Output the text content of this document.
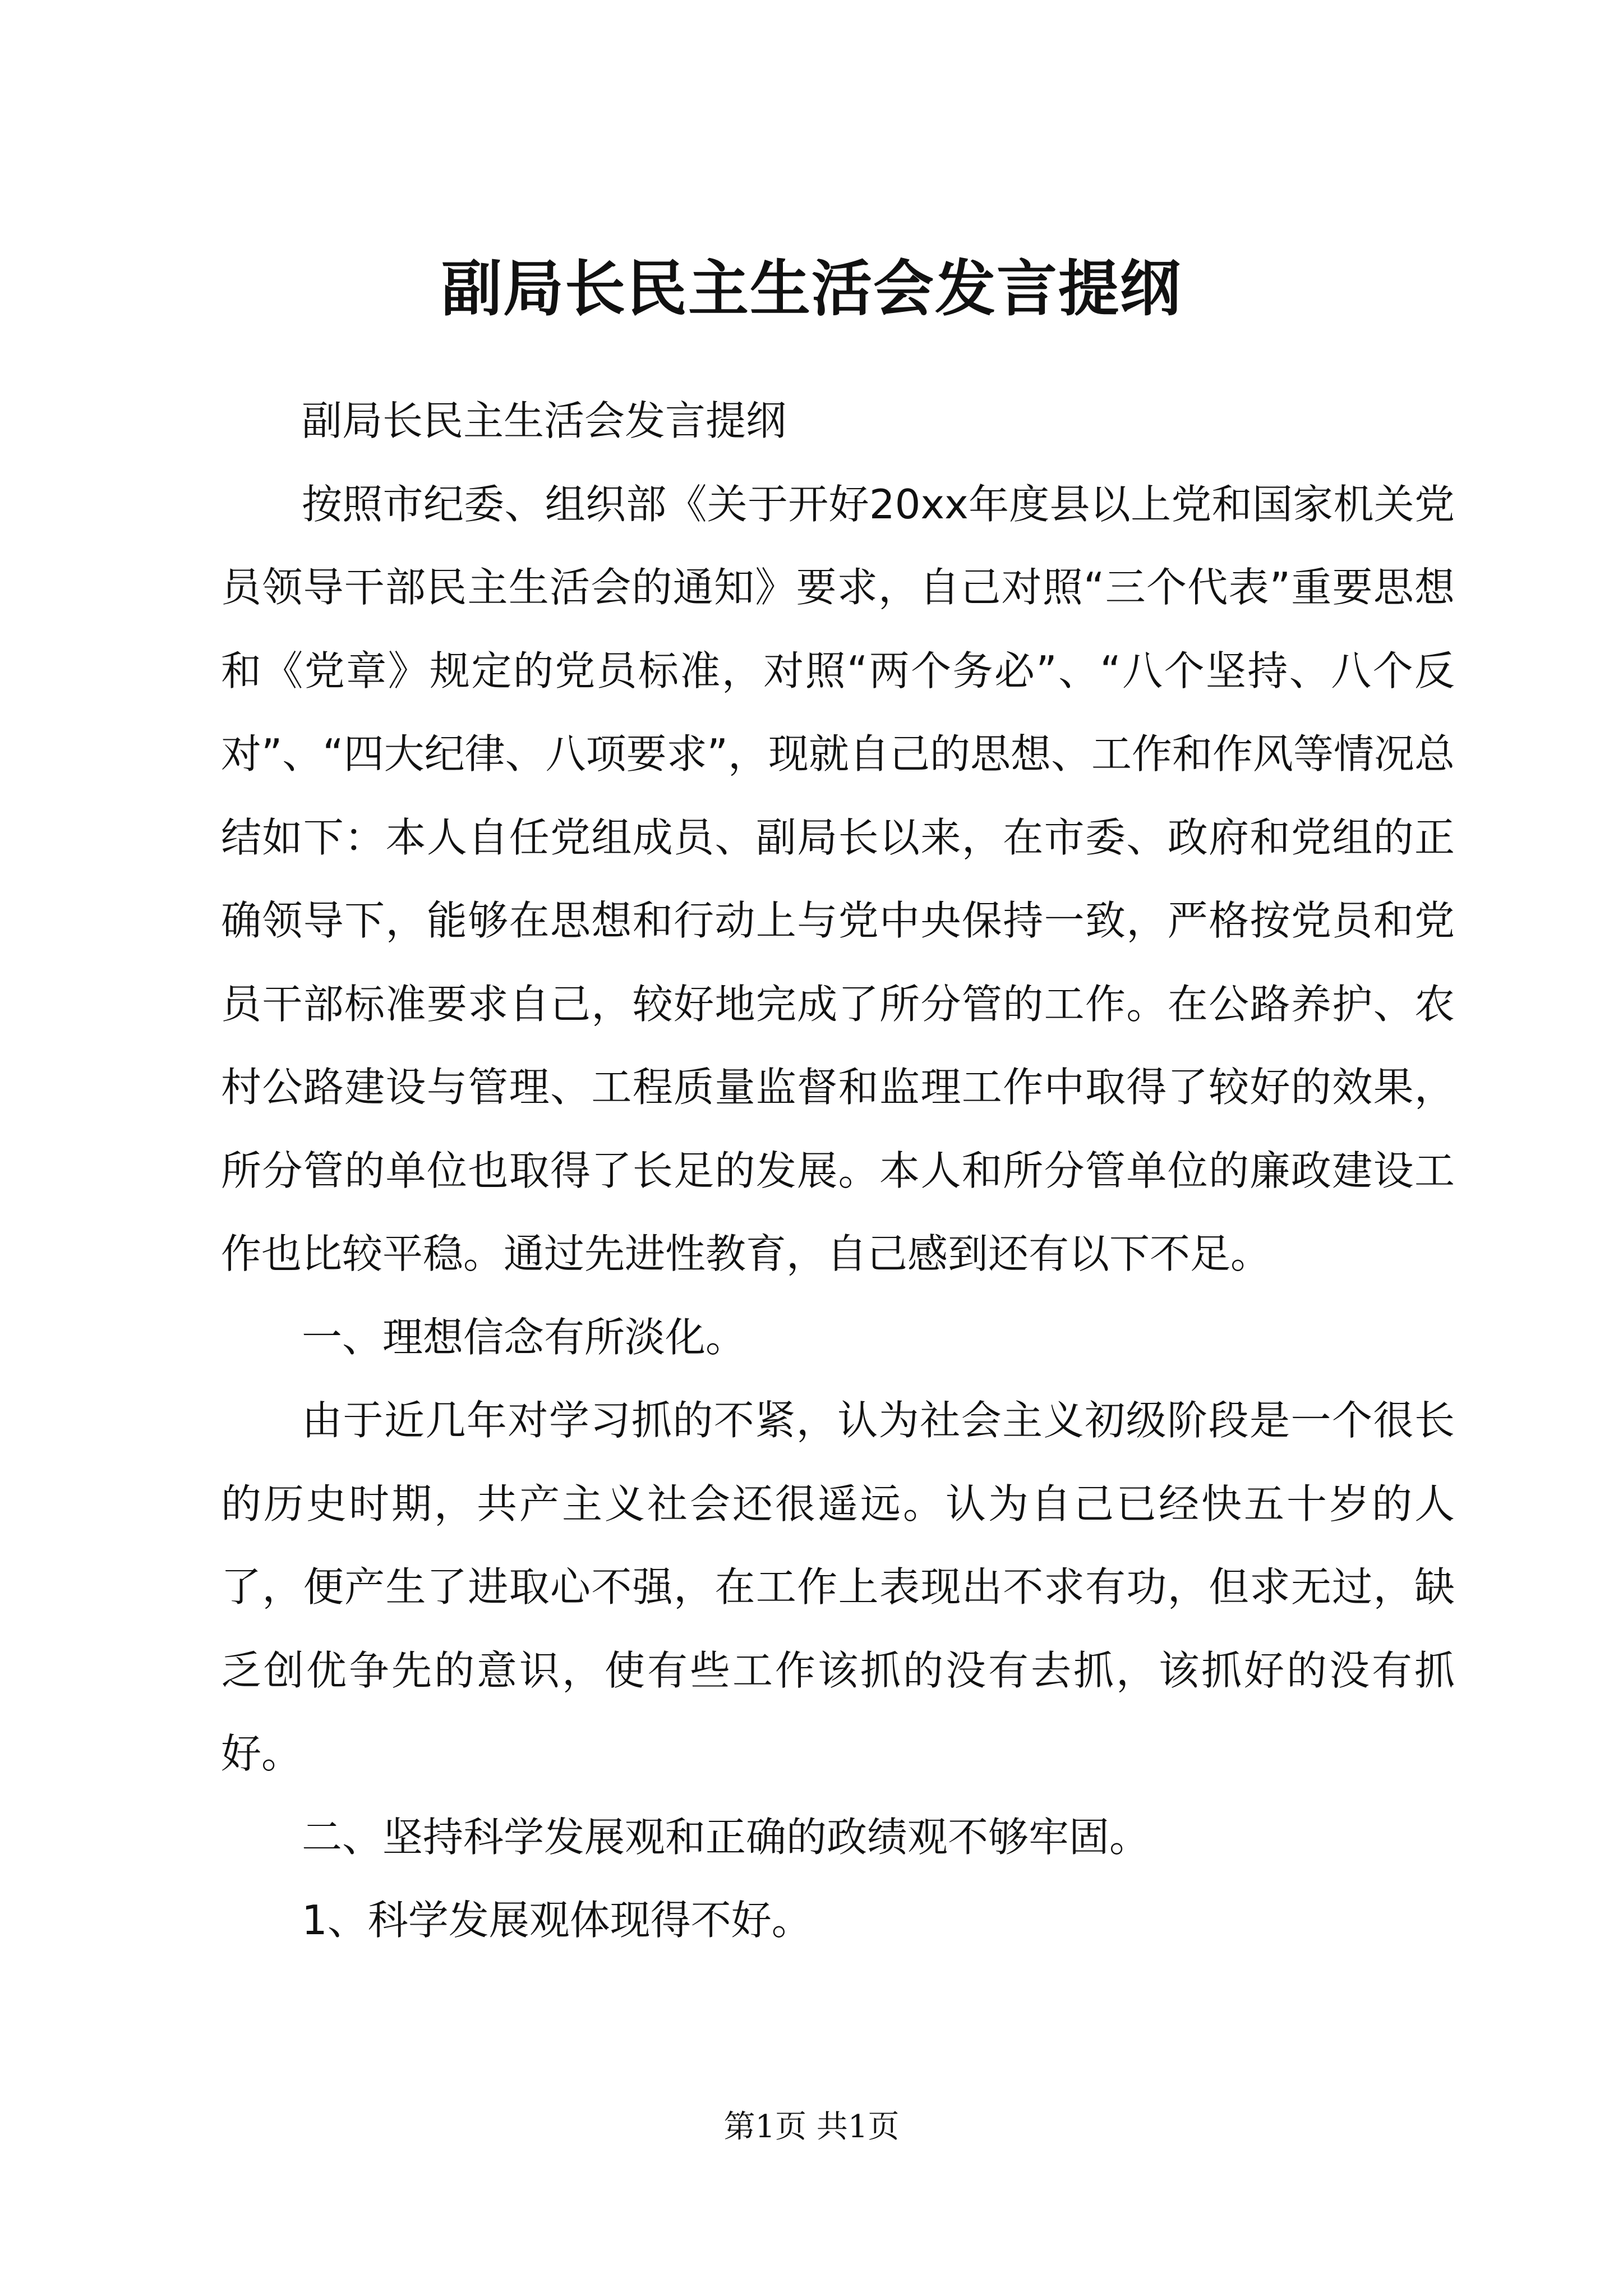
副局长民主生活会发言提纲

副局长民主生活会发言提纲

按照市纪委、组织部《关于开好20xx年度县以上党和国家机关党员领导干部民主生活会的通知》要求，自己对照“三个代表”重要思想和《党章》规定的党员标准，对照“两个务必”、“八个坚持、八个反对”、“四大纪律、八项要求”，现就自己的思想、工作和作风等情况总结如下：本人自任党组成员、副局长以来，在市委、政府和党组的正确领导下，能够在思想和行动上与党中央保持一致，严格按党员和党员干部标准要求自己，较好地完成了所分管的工作。在公路养护、农村公路建设与管理、工程质量监督和监理工作中取得了较好的效果，所分管的单位也取得了长足的发展。本人和所分管单位的廉政建设工作也比较平稳。通过先进性教育，自己感到还有以下不足。

一、理想信念有所淡化。

由于近几年对学习抓的不紧，认为社会主义初级阶段是一个很长的历史时期，共产主义社会还很遥远。认为自己已经快五十岁的人了，便产生了进取心不强，在工作上表现出不求有功，但求无过，缺乏创优争先的意识，使有些工作该抓的没有去抓，该抓好的没有抓好。

二、坚持科学发展观和正确的政绩观不够牢固。

1、科学发展观体现得不好。

第1页 共1页
